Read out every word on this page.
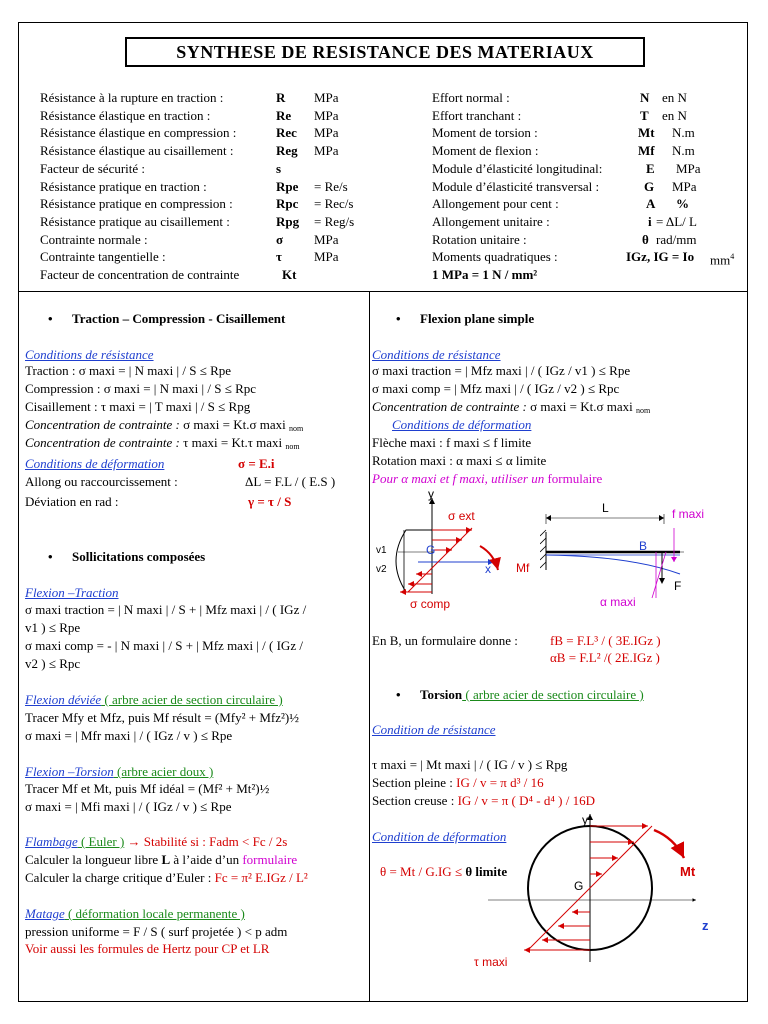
SYNTHESE DE RESISTANCE DES MATERIAUX
Résistance à la rupture en traction :	R MPa
Résistance élastique en traction :	Re MPa
Résistance élastique en compression :	Rec MPa
Résistance élastique au cisaillement :	Reg MPa
Facteur de sécurité :	s
Résistance pratique en traction :	Rpe = Re/s
Résistance pratique en compression :	Rpc = Rec/s
Résistance pratique au cisaillement :	Rpg = Reg/s
Contrainte normale :	σ MPa
Contrainte tangentielle :	τ MPa
Facteur de concentration de contrainte	Kt
Effort normal :	N en N
Effort tranchant :	T en N
Moment de torsion :	Mt N.m
Moment de flexion :	Mf N.m
Module d’élasticité longitudinal:	E MPa
Module d’élasticité transversal :	G MPa
Allongement pour cent :	A %
Allongement unitaire :	i = ΔL/ L
Rotation unitaire :	θ rad/mm
Moments quadratiques :	IGz, IG = Io $mm^4$
1 MPa = 1 N / mm²
• Traction – Compression - Cisaillement
Conditions de résistance
Traction : σ maxi = | N maxi | / S ≤ Rpe
Compression : σ maxi = | N maxi | / S ≤ Rpc
Cisaillement : τ maxi = | T maxi | / S ≤ Rpg
Concentration de contrainte : σ maxi = Kt.σ maxi $_{nom}$
Concentration de contrainte : τ maxi = Kt.τ maxi $_{nom}$
Conditions de déformation	σ = E.i
Allong ou raccourcissement :	ΔL = F.L / ( E.S )
Déviation en rad :	γ = τ / S
• Sollicitations composées
Flexion –Traction
σ maxi traction = | N maxi | / S + | Mfz maxi | / ( IGz /
v1 ) ≤ Rpe
σ maxi comp = - | N maxi | / S + | Mfz maxi | / ( IGz /
v2 ) ≤ Rpc
Flexion déviée ( arbre acier de section circulaire )
Tracer Mfy et Mfz, puis Mf résult = (Mfy² + Mfz²)½
σ maxi = | Mfr maxi | / ( IGz / v ) ≤ Rpe
Flexion –Torsion (arbre acier doux )
Tracer Mf et Mt, puis Mf idéal = (Mf² + Mt²)½
σ maxi = | Mfi maxi | / ( IGz / v ) ≤ Rpe
Flambage ( Euler ) → Stabilité si : Fadm < Fc / 2s
Calculer la longueur libre L à l’aide d’un formulaire
Calculer la charge critique d’Euler : Fc = π² E.IGz / L²
Matage ( déformation locale permanente )
pression uniforme = F / S ( surf projetée ) < p adm
Voir aussi les formules de Hertz pour CP et LR
• Flexion plane simple
Conditions de résistance
σ maxi traction = | Mfz maxi | / ( IGz / v1 ) ≤ Rpe
σ maxi comp = | Mfz maxi | / ( IGz / v2 ) ≤ Rpc
Concentration de contrainte : σ maxi = Kt.σ maxi $_{nom}$
Conditions de déformation
Flèche maxi : f maxi ≤ f limite
Rotation maxi : α maxi ≤ α limite
Pour α maxi et f maxi, utiliser un formulaire
y
σ ext
v1
v2
G
x Mf
σ comp
L	f maxi
B
F
α maxi
En B, un formulaire donne : fB = F.L³ / ( 3E.IGz )
αB = F.L² /( 2E.IGz )
• Torsion ( arbre acier de section circulaire )
Condition de résistance
τ maxi = | Mt maxi | / ( IG / v ) ≤ Rpg
Section pleine : IG / v = π d³ / 16
Section creuse : IG / v = π ( D⁴ - d⁴ ) / 16D
Condition de déformation
θ = Mt / G.IG ≤ θ limite
y
Mt
G
z
τ maxi
